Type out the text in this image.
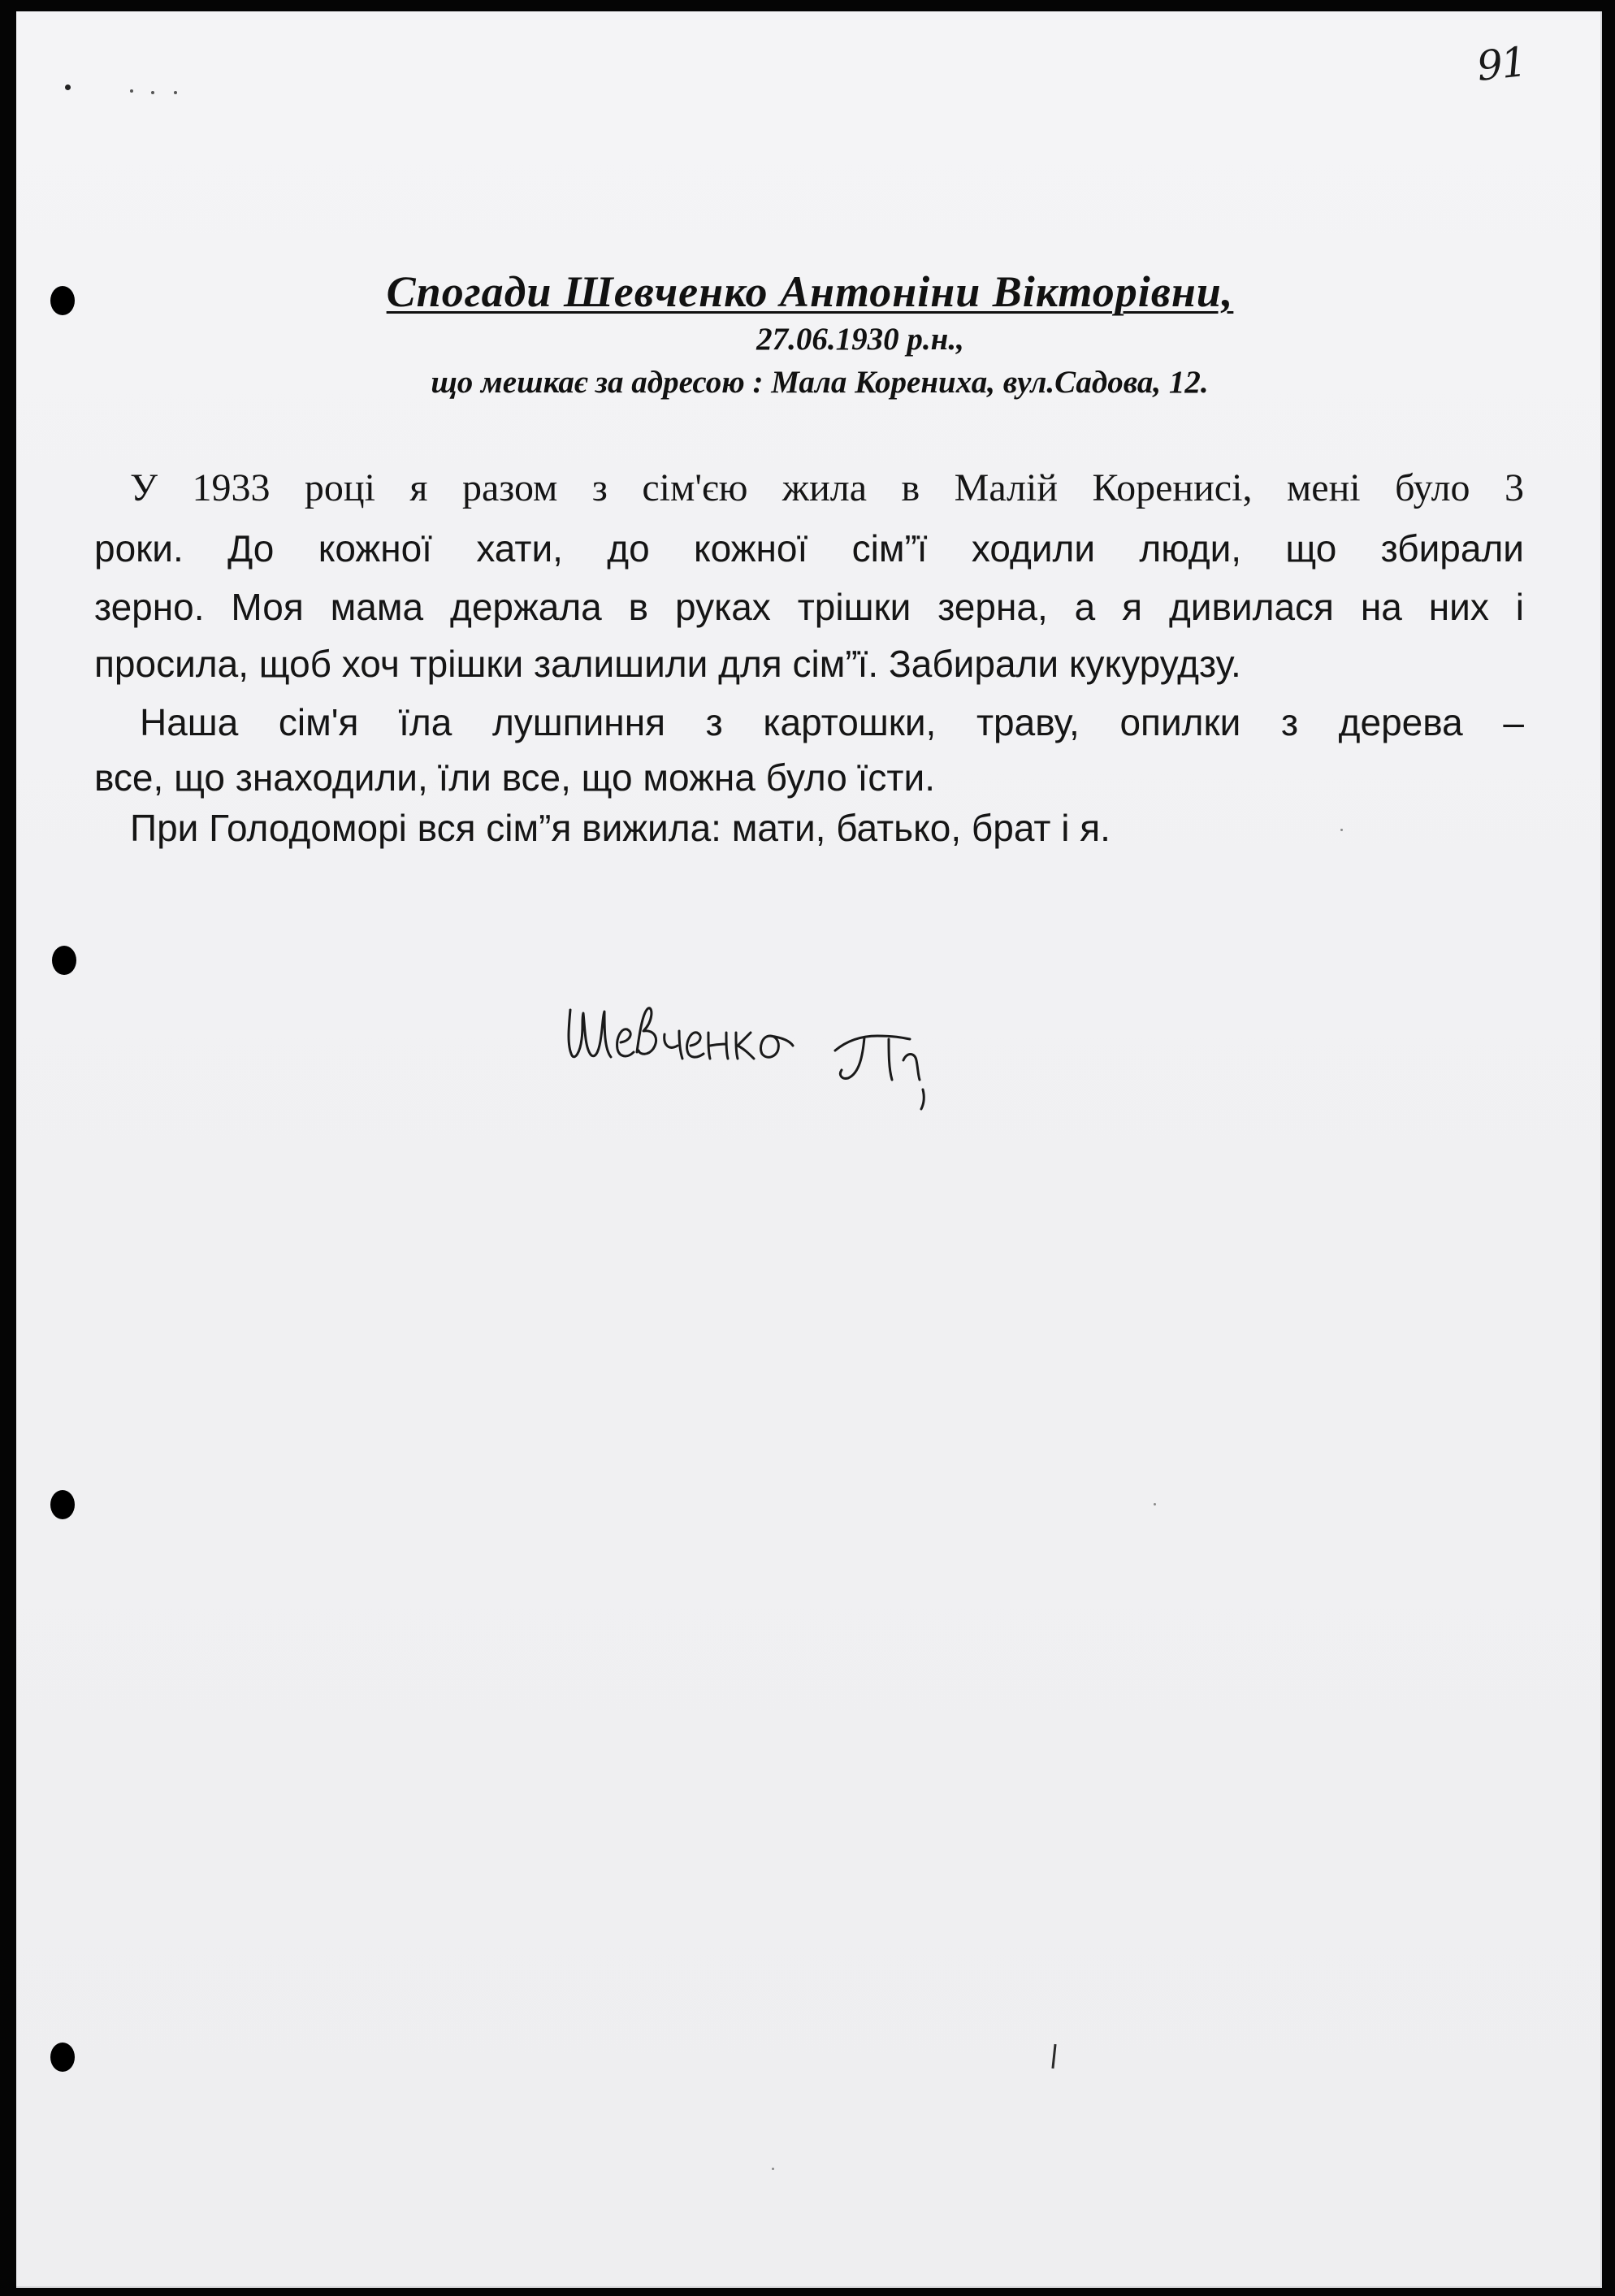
91
Спогади Шевченко Антоніни Вікторівни,

27.06.1930 р.н.,

що мешкає за адресою : Мала Корениха, вул.Садова, 12.

У 1933 році я разом з сім'єю жила в Малій Коренисі, мені було 3

роки. До кожної хати, до кожної сім”ї ходили люди, що збирали

зерно. Моя мама держала в руках трішки зерна, а я дивилася на них і

просила, щоб хоч трішки залишили для сім”ї. Забирали кукурудзу.

Наша сім'я їла лушпиння з картошки, траву, опилки з дерева –

все, що знаходили, їли все, що можна було їсти.

При Голодоморі вся сім”я вижила: мати, батько, брат і я.
